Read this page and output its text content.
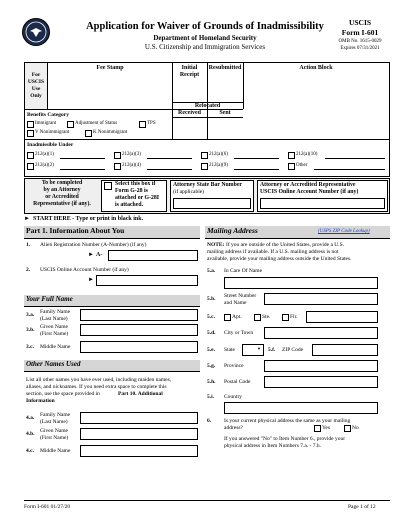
Application for Waiver of Grounds of Inadmissibility
Department of Homeland Security
U.S. Citizenship and Immigration Services
USCIS
Form I-601
OMB No. 1615-0029
Expires 07/31/2021
For
USCIS
Use
Only
Fee Stamp	Initial
Receipt
Resubmitted	Action Block
Relocated
Received	Sent
Benefits Category
Immigrant	Adjustment of Status	TPS
V Nonimmigrant	K Nonimmigrant
Inadmissible Under
212(a)(1)	212(a)(3)	212(a)(6)	212(a)(10)
212(a)(2)	212(a)(4)	212(a)(9)	Other
To be completed
by an Attorney
or Accredited
Representative (if any).
Select this box if
Form G-28 is
attached or G-28I
is attached.
Attorney State Bar Number
(if applicable)
Attorney or Accredited Representative
USCIS Online Account Number (if any)
► START HERE - Type or print in black ink.
Part 1. Information About You
1. Alien Registration Number (A-Number) (if any)
► A-
2. USCIS Online Account Number (if any)
►
Your Full Name
3.a. Family Name
(Last Name)
3.b. Given Name
(First Name)
3.c. Middle Name
Other Names Used
List all other names you have ever used, including maiden names,
aliases, and nicknames. If you need extra space to complete this
section, use the space provided in	Part 10. Additional
Information
4.a. Family Name
(Last Name)
4.b. Given Name
(First Name)
4.c. Middle Name
Mailing Address	(USPS ZIP Code Lookup)
NOTE: If you are outside of the United States, provide a U.S.
mailing address if available. If a U.S. mailing address is not
available, provide your mailing address outside the United States.
5.a. In Care Of Name
5.b. Street Number
and Name
5.c.	Apt.	Ste.	Flr.
5.d. City or Town
5.e. State	▼ 5.f. ZIP Code
5.g. Province
5.h. Postal Code
5.i. Country
6. Is your current physical address the same as your mailing
address?	Yes	No
If you answered "No" to Item Number 6., provide your
physical address in Item Numbers 7.a. - 7.h.
Form I-601 01/27/20	Page 1 of 12
